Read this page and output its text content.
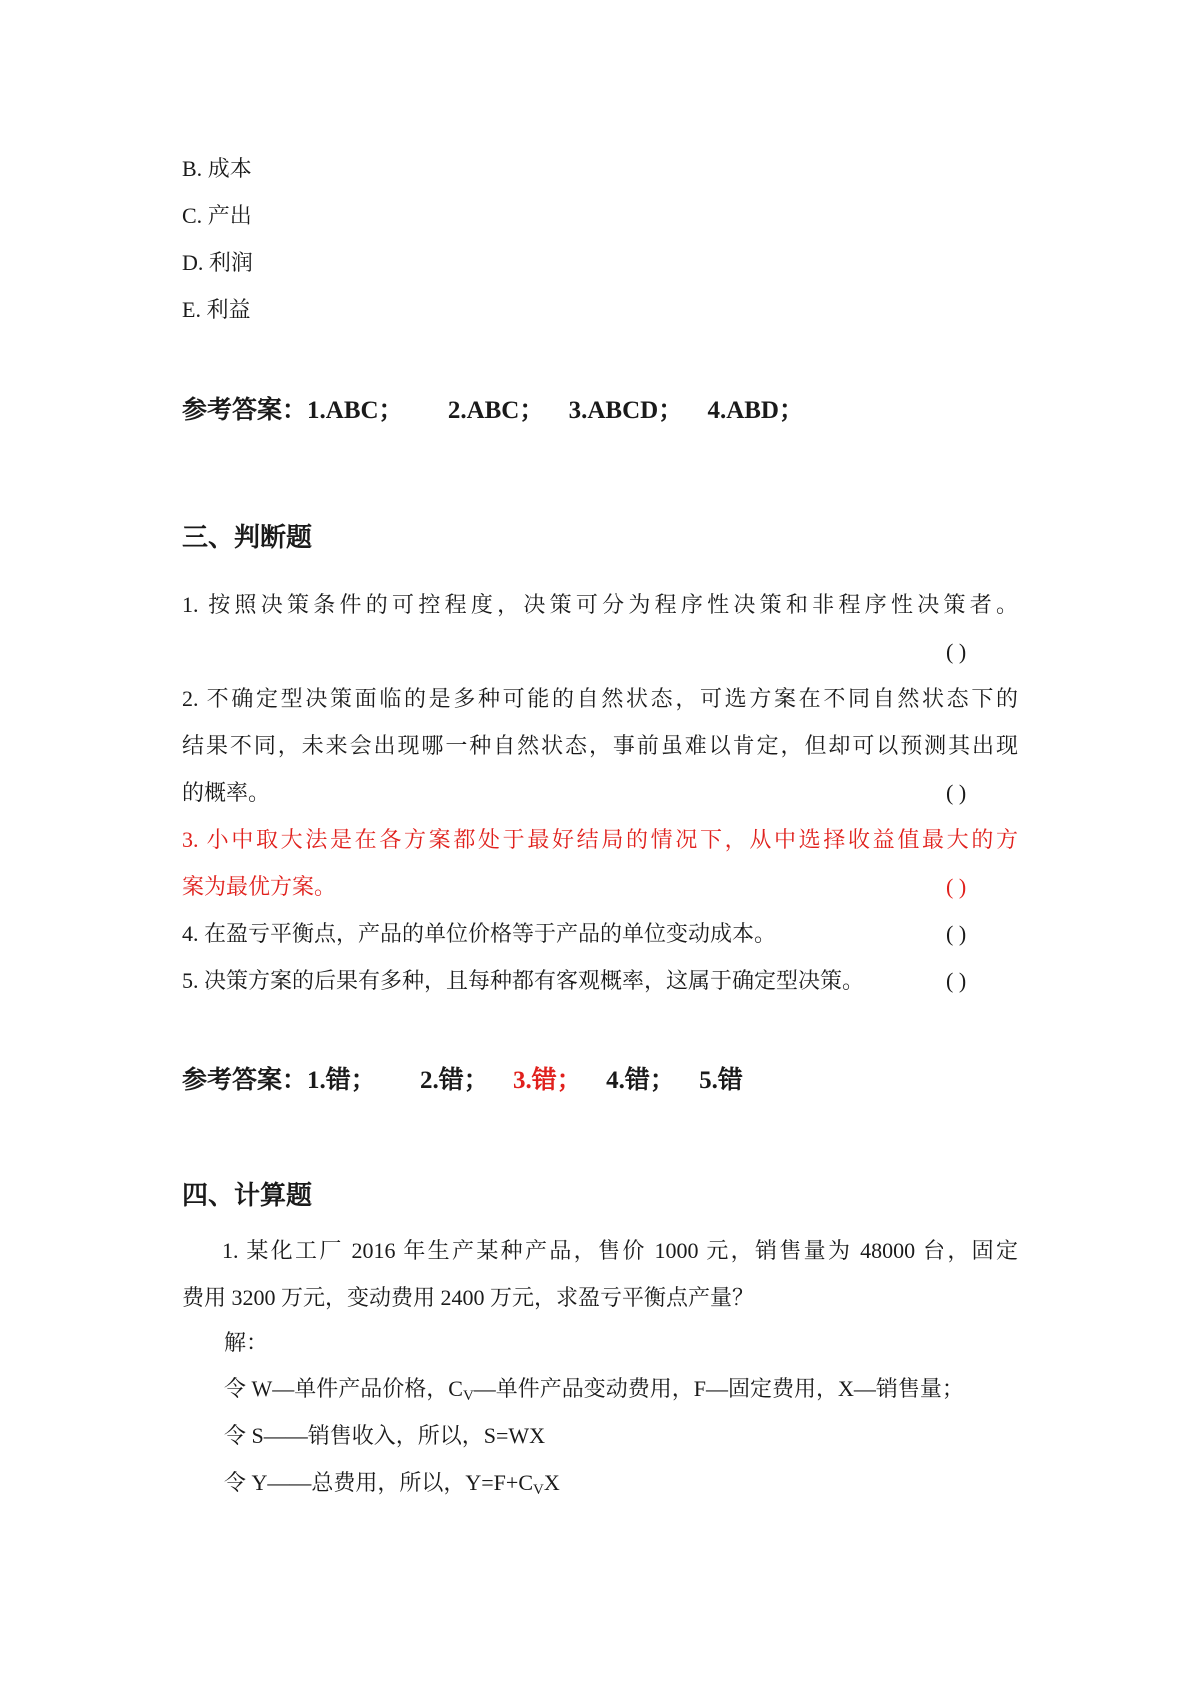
B. 成本
C. 产出
D. 利润
E. 利益
参考答案：1.ABC； 2.ABC； 3.ABCD； 4.ABD；
三、判断题
1. 按照决策条件的可控程度，决策可分为程序性决策和非程序性决策者。
( )
2. 不确定型决策面临的是多种可能的自然状态，可选方案在不同自然状态下的
结果不同，未来会出现哪一种自然状态，事前虽难以肯定，但却可以预测其出现
的概率。	( )
3. 小中取大法是在各方案都处于最好结局的情况下，从中选择收益值最大的方
案为最优方案。	( )
4. 在盈亏平衡点，产品的单位价格等于产品的单位变动成本。	( )
5. 决策方案的后果有多种，且每种都有客观概率，这属于确定型决策。	( )
参考答案：1.错； 2.错； 3.错； 4.错； 5.错
四、计算题
1. 某化工厂 2016 年生产某种产品，售价 1000 元，销售量为 48000 台，固定
费用 3200 万元，变动费用 2400 万元，求盈亏平衡点产量？
解：
令 W—单件产品价格，$C_V—$单件产品变动费用，F—固定费用，X—销售量；
令 S——销售收入，所以，S=WX
令 Y——总费用，所以，$Y=F+C_VX$
